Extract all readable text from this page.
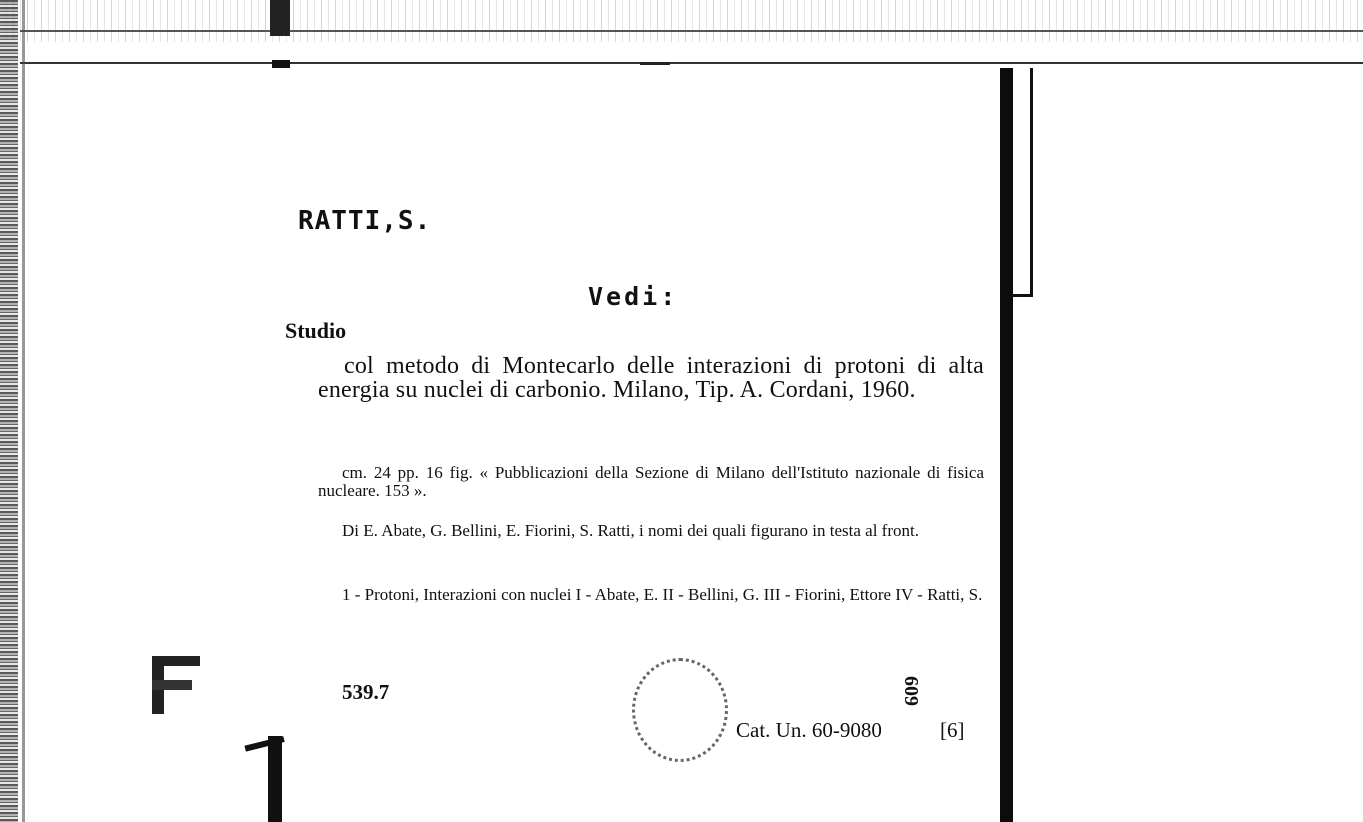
RATTI,S.
Vedi:
Studio
col metodo di Montecarlo delle interazioni di protoni di alta energia su nuclei di carbonio. Milano, Tip. A. Cordani, 1960.
cm. 24 pp. 16 fig. « Pubblicazioni della Sezione di Milano dell'Istituto nazionale di fisica nucleare. 153 ».
Di E. Abate, G. Bellini, E. Fiorini, S. Ratti, i nomi dei quali figurano in testa al front.
1 - Protoni, Interazioni con nuclei I - Abate, E. II - Bellini, G. III - Fiorini, Ettore IV - Ratti, S.
539.7
Cat. Un. 60-9080	[6]
609
